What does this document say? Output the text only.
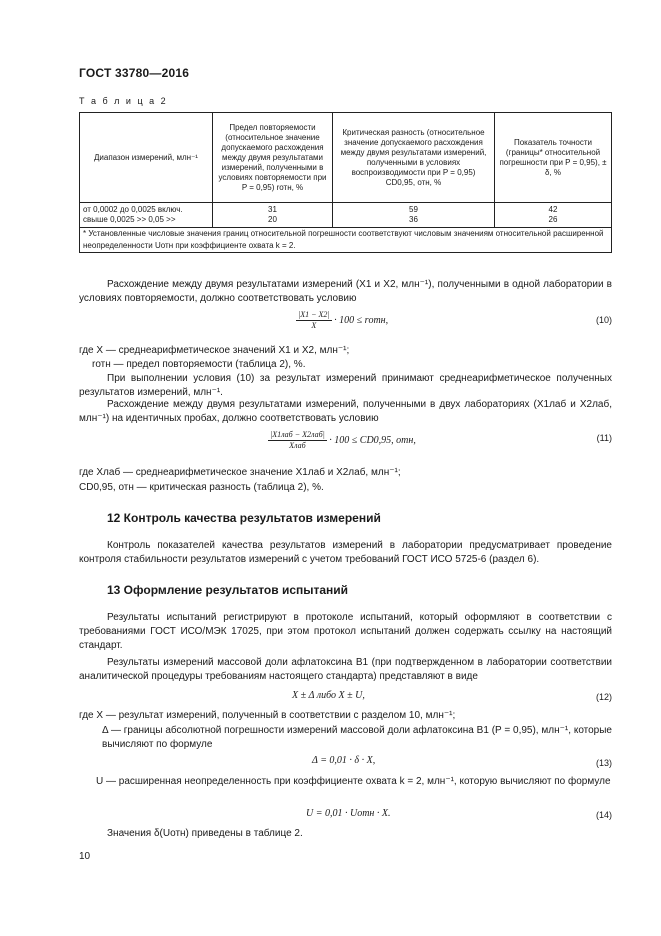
ГОСТ 33780—2016
Т а б л и ц а 2
Диапазон измерений, млн⁻¹	Предел повторяемости (относительное значение допускаемого расхождения между двумя результатами измерений, полученными в условиях повторяемости при P = 0,95) rотн, %	Критическая разность (относительное значение допускаемого расхождения между двумя результатами измерений, полученными в условиях воспроизводимости при P = 0,95) CD0,95, отн, %	Показатель точности (границы* относительной погрешности при P = 0,95), ± δ, %
от 0,0002 до 0,0025 включ.	31	59	42
свыше 0,0025 >> 0,05 >>	20	36	26
* Установленные числовые значения границ относительной погрешности соответствуют числовым значениям относительной расширенной неопределенности Uотн при коэффициенте охвата k = 2.			

Расхождение между двумя результатами измерений (X1 и X2, млн⁻¹), полученными в одной лаборатории в условиях повторяемости, должно соответствовать условию

$\frac{|X1 - X2|}{X} \cdot 100$ ≤ rотн,	(10)

где X — среднеарифметическое значений X1 и X2, млн⁻¹;

rотн — предел повторяемости (таблица 2), %.

При выполнении условия (10) за результат измерений принимают среднеарифметическое полученных результатов измерений, млн⁻¹.

Расхождение между двумя результатами измерений, полученными в двух лабораториях (X1лаб и X2лаб, млн⁻¹) на идентичных пробах, должно соответствовать условию

$\frac{\text{|X1лаб − X2лаб|}}{\text{Xлаб}} \cdot 100 \le CD0,95$, отн,	(11)

где Xлаб — среднеарифметическое значение X1лаб и X2лаб, млн⁻¹;

CD0,95, отн — критическая разность (таблица 2), %.

12 Контроль качества результатов измерений

Контроль показателей качества результатов измерений в лаборатории предусматривает проведение контроля стабильности результатов измерений с учетом требований ГОСТ ИСО 5725-6 (раздел 6).

13 Оформление результатов испытаний

Результаты испытаний регистрируют в протоколе испытаний, который оформляют в соответствии с требованиями ГОСТ ИСО/МЭК 17025, при этом протокол испытаний должен содержать ссылку на настоящий стандарт.

Результаты измерений массовой доли афлатоксина B1 (при подтвержденном в лаборатории соответствии аналитической процедуры требованиям настоящего стандарта) представляют в виде

X ± Δ либо X ± U,	(12)

где X — результат измерений, полученный в соответствии с разделом 10, млн⁻¹;

Δ — границы абсолютной погрешности измерений массовой доли афлатоксина B1 (P = 0,95), млн⁻¹, которые вычисляют по формуле

Δ = 0,01 · δ · X,	(13)

U — расширенная неопределенность при коэффициенте охвата k = 2, млн⁻¹, которую вычисляют по формуле

U = 0,01 · Uотн · X.	(14)

Значения δ(Uотн) приведены в таблице 2.

10
